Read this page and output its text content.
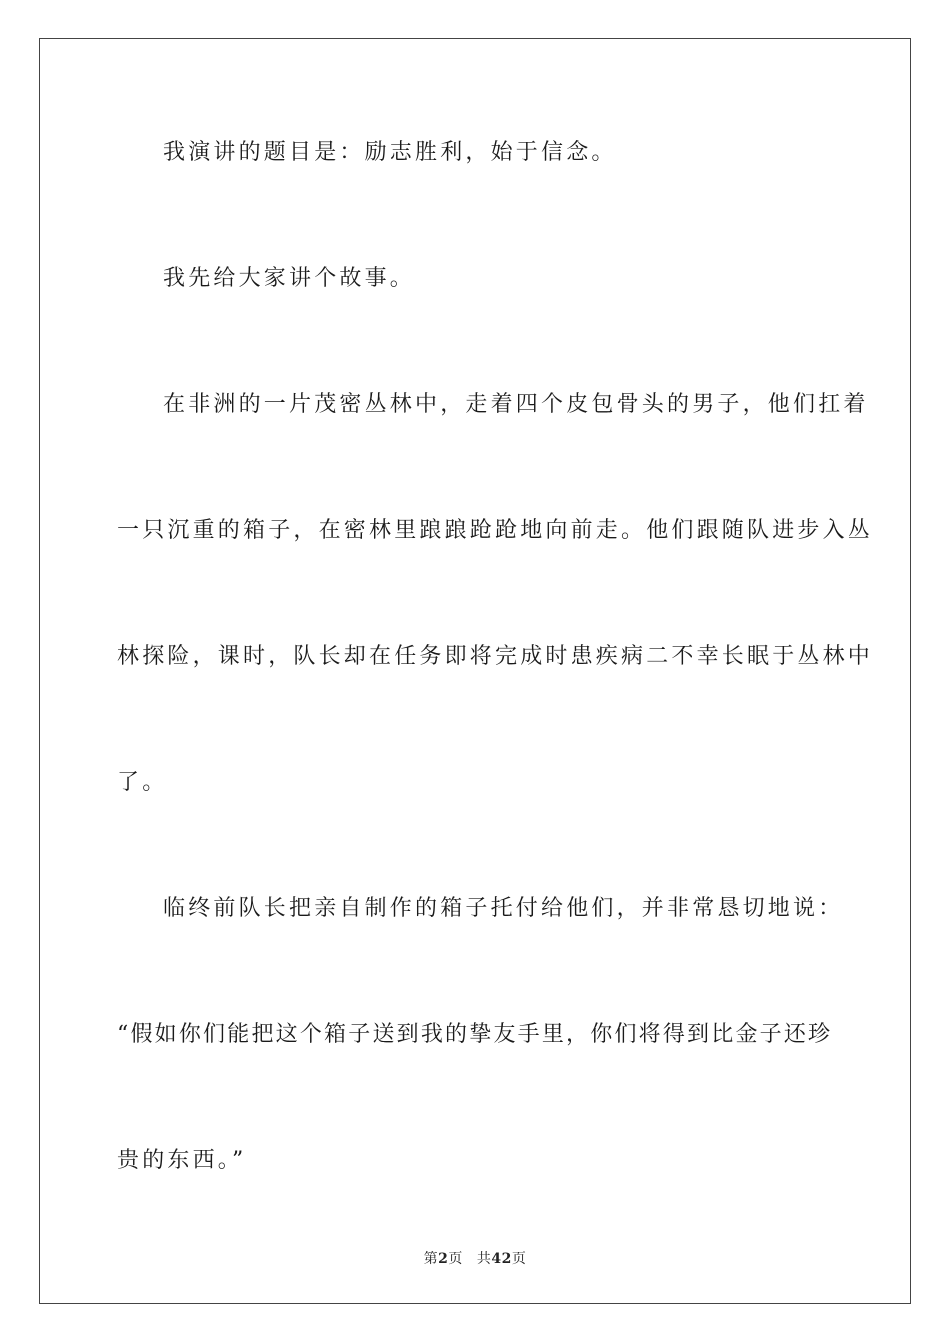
我演讲的题目是：励志胜利，始于信念。
我先给大家讲个故事。
在非洲的一片茂密丛林中，走着四个皮包骨头的男子，他们扛着
一只沉重的箱子，在密林里踉踉跄跄地向前走。他们跟随队进步入丛
林探险，课时，队长却在任务即将完成时患疾病二不幸长眠于丛林中
了。
临终前队长把亲自制作的箱子托付给他们，并非常恳切地说：
“假如你们能把这个箱子送到我的挚友手里，你们将得到比金子还珍
贵的东西。”
第2页 共42页
